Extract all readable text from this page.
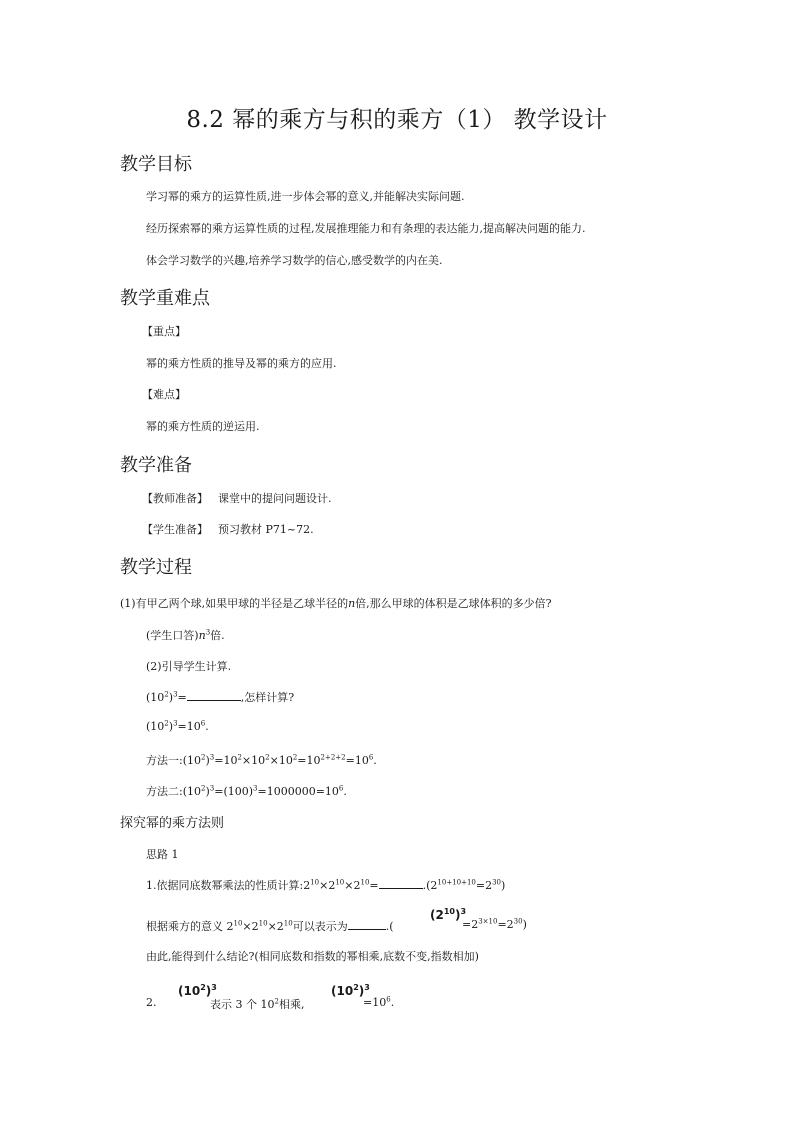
8.2 幂的乘方与积的乘方（1） 教学设计
教学目标
学习幂的乘方的运算性质,进一步体会幂的意义,并能解决实际问题.
经历探索幂的乘方运算性质的过程,发展推理能力和有条理的表达能力,提高解决问题的能力.
体会学习数学的兴趣,培养学习数学的信心,感受数学的内在美.
教学重难点
【重点】
幂的乘方性质的推导及幂的乘方的应用.
【难点】
幂的乘方性质的逆运用.
教学准备
【教师准备】 课堂中的提问问题设计.
【学生准备】 预习教材 P71~72.
教学过程
(1)有甲乙两个球,如果甲球的半径是乙球半径的n倍,那么甲球的体积是乙球体积的多少倍?
(学生口答)$n^3$倍.
(2)引导学生计算.
$(10^2)^3=$	,怎样计算?
$(10^2)^3=10^6$.
方法一$:(10^2)^3=10^2\times 10^2\times 10^2=10^{2+2+2}=10^6$.
方法二$:(10^2)^3=(100)^3=1000000=10^6$.
探究幂的乘方法则
思路 1
1.依据同底数幂乘法的性质计算$:2^{10}\times 2^{10}\times 2^{10}=$	$.(2^{10+10+10}=2^{30})$
根据乘方的意义 $2^{10}\times 2^{10}\times 2^{10}$可以表示为	.(
$(2^{10})^3$
$=2^{3\times 10}=2^{30}$)
由此,能得到什么结论?(相同底数和指数的幂相乘,底数不变,指数相加)
2.
$(10^2)^3$
表示 3 个 $10^2$相乘,
$(10^2)^3$
$=10^6$.
